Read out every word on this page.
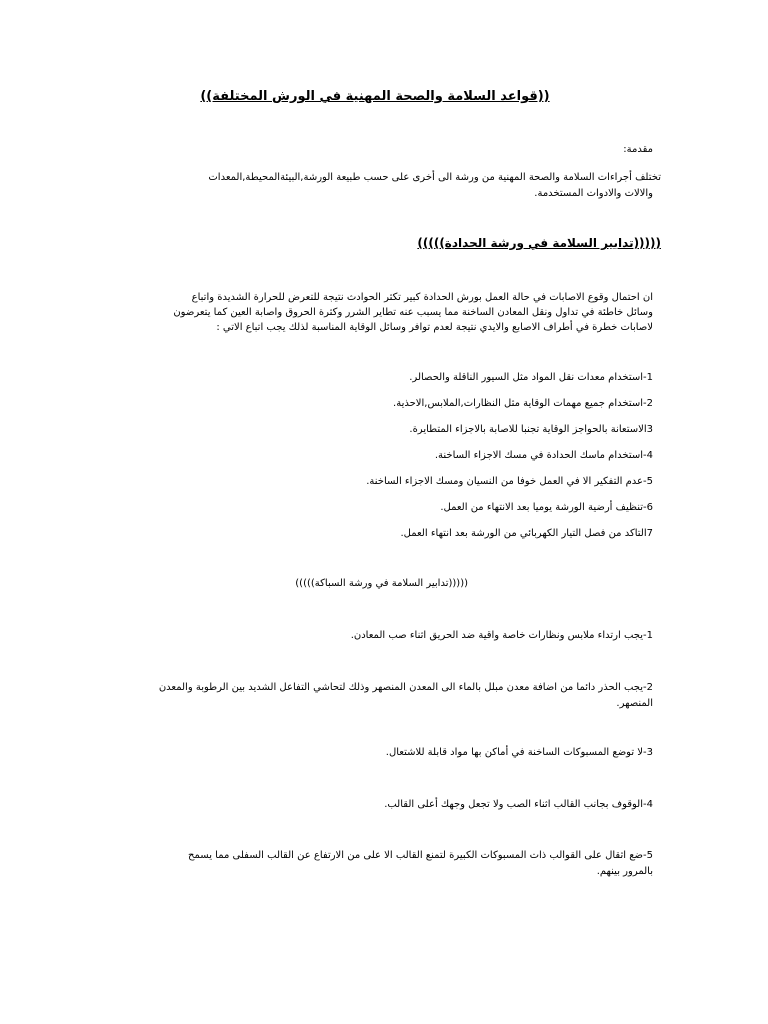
((قواعد السلامة والصحة المهنية في الورش المختلفة))
مقدمة:
تختلف أجراءات السلامة والصحة المهنية من ورشة الى أخرى على حسب طبيعة الورشة,البيئةالمحيطة,المعدات
والالات والادوات المستخدمة.
(((((تدابير السلامة في ورشة الحدادة)))))
ان احتمال وقوع الاصابات في حالة العمل بورش الحدادة كبير تكثر الحوادث نتيجة للتعرض للحرارة الشديدة واتباع
وسائل خاطئة في تداول ونقل المعادن الساخنة مما يسبب عنه تطاير الشرر وكثرة الحروق واصابة العين كما يتعرضون
لاصابات خطرة في أطراف الاصابع والايدي نتيجة لعدم توافر وسائل الوقاية المناسبة لذلك يجب اتباع الاتي :
1-استخدام معدات نقل المواد مثل السيور الناقلة والحصالر.
2-استخدام جميع مهمات الوقاية مثل النظارات,الملابس,الاحذية.
3الاستعانة بالحواجز الوقاية تجنبا للاصابة بالاجزاء المتطايرة.
4-استخدام ماسك الحدادة في مسك الاجزاء الساخنة.
5-عدم التفكير الا في العمل خوفا من النسيان ومسك الاجزاء الساخنة.
6-تنظيف أرضية الورشة يوميا بعد الانتهاء من العمل.
7التاكد من فصل التيار الكهربائي من الورشة بعد انتهاء العمل.
(((((تدابير السلامة في ورشة السباكة)))))
1-يجب ارتداء ملابس ونظارات خاصة واقية ضد الحريق اثناء صب المعادن.
2-يجب الحذر دائما من اضافة معدن مبلل بالماء الى المعدن المنصهر وذلك لتحاشي التفاعل الشديد بين الرطوبة والمعدن
المنصهر.
3-لا توضع المسبوكات الساخنة في أماكن بها مواد قابلة للاشتعال.
4-الوقوف بجانب القالب اثناء الصب ولا تجعل وجهك أعلى القالب.
5-ضع اثقال على القوالب ذات المسبوكات الكبيرة لتمنع القالب الا على من الارتفاع عن القالب السفلى مما يسمح
بالمرور بينهم.
